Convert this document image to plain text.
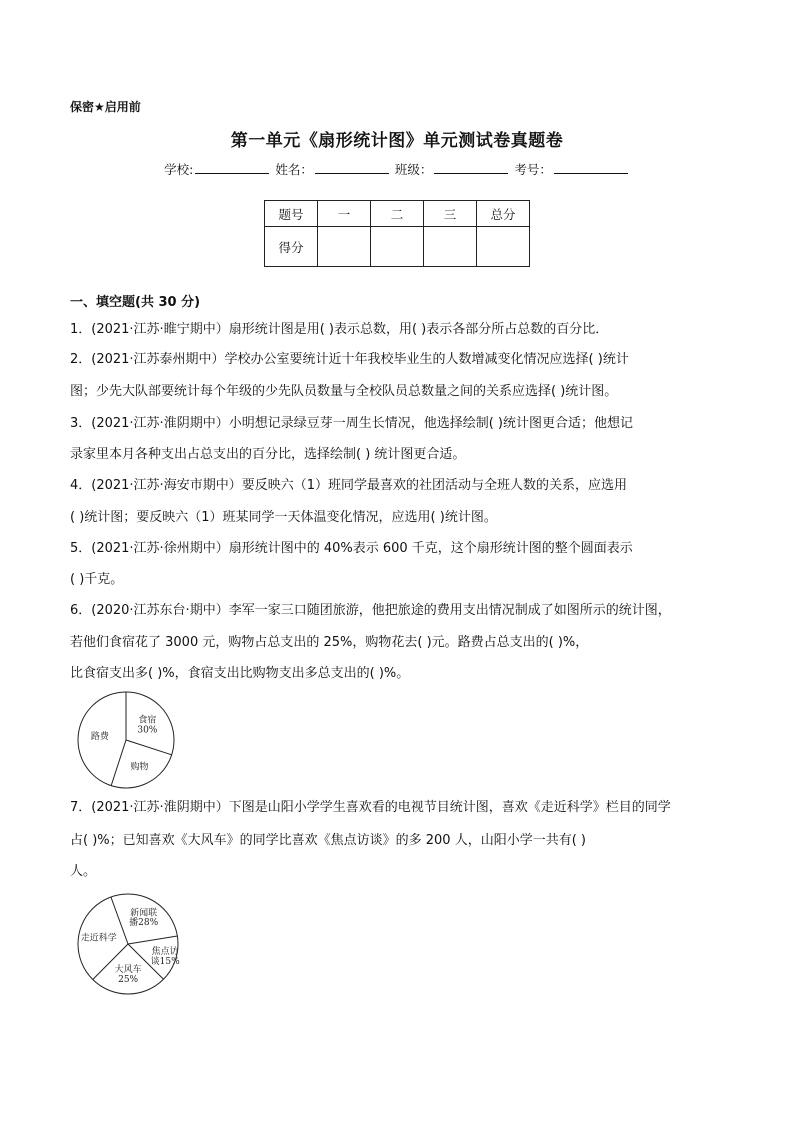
保密★启用前
第一单元《扇形统计图》单元测试卷真题卷
学校:	姓名：	班级：	考号：
题号	一	二	三	总分
得分				
一、填空题(共 30 分)
1．(2021·江苏·睢宁期中）扇形统计图是用( )表示总数，用( )表示各部分所占总数的百分比．
2．(2021·江苏泰州期中）学校办公室要统计近十年我校毕业生的人数增减变化情况应选择( )统计
图；少先大队部要统计每个年级的少先队员数量与全校队员总数量之间的关系应选择( )统计图。
3．(2021·江苏·淮阴期中）小明想记录绿豆芽一周生长情况，他选择绘制( )统计图更合适；他想记
录家里本月各种支出占总支出的百分比，选择绘制( ) 统计图更合适。
4．(2021·江苏·海安市期中）要反映六（1）班同学最喜欢的社团活动与全班人数的关系，应选用
( )统计图；要反映六（1）班某同学一天体温变化情况，应选用( )统计图。
5．(2021·江苏·徐州期中）扇形统计图中的 40%表示 600 千克，这个扇形统计图的整个圆面表示
( )千克。
6．(2020·江苏东台·期中）李军一家三口随团旅游，他把旅途的费用支出情况制成了如图所示的统计图，
若他们食宿花了 3000 元，购物占总支出的 25%，购物花去( )元。路费占总支出的( )%，
比食宿支出多( )%，食宿支出比购物支出多总支出的( )%。
食宿 30%
购物
路费
7．(2021·江苏·淮阴期中）下图是山阳小学学生喜欢看的电视节目统计图，喜欢《走近科学》栏目的同学
占( )%；已知喜欢《大风车》的同学比喜欢《焦点访谈》的多 200 人，山阳小学一共有( )
人。
新闻联播28%
焦点访谈15%
大风车 25%
走近科学
